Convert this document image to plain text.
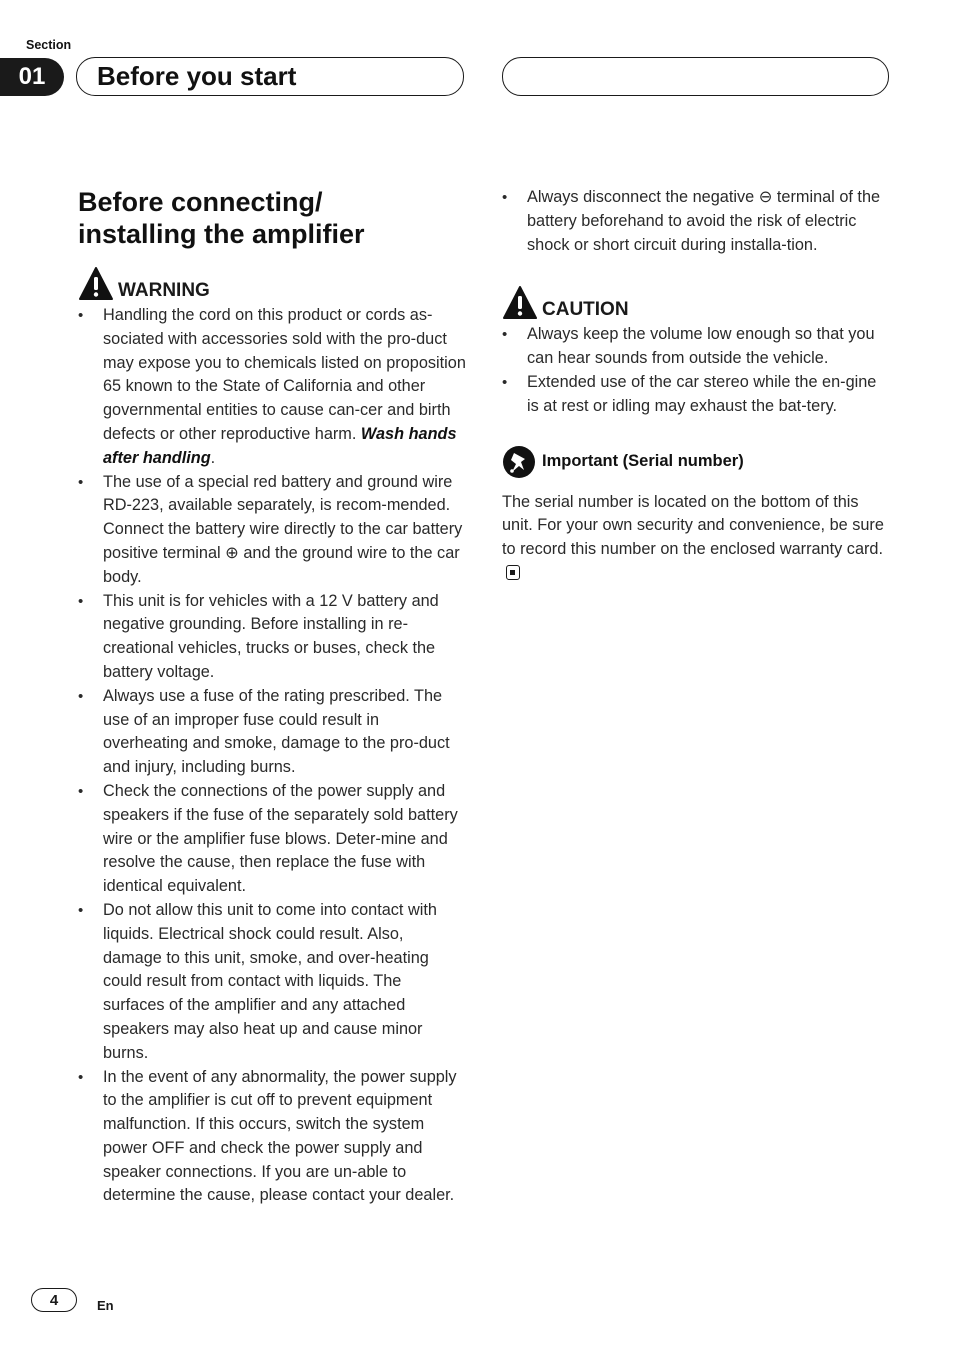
Section
01	Before you start
Before connecting/
installing the amplifier
WARNING
• Handling the cord on this product or cords as-sociated with accessories sold with the pro-duct may expose you to chemicals listed on proposition 65 known to the State of California and other governmental entities to cause can-cer and birth defects or other reproductive harm. Wash hands after handling.
• The use of a special red battery and ground wire RD-223, available separately, is recom-mended. Connect the battery wire directly to the car battery positive terminal ⊕ and the ground wire to the car body.
• This unit is for vehicles with a 12 V battery and negative grounding. Before installing in re-creational vehicles, trucks or buses, check the battery voltage.
• Always use a fuse of the rating prescribed. The use of an improper fuse could result in overheating and smoke, damage to the pro-duct and injury, including burns.
• Check the connections of the power supply and speakers if the fuse of the separately sold battery wire or the amplifier fuse blows. Deter-mine and resolve the cause, then replace the fuse with identical equivalent.
• Do not allow this unit to come into contact with liquids. Electrical shock could result. Also, damage to this unit, smoke, and over-heating could result from contact with liquids. The surfaces of the amplifier and any attached speakers may also heat up and cause minor burns.
• In the event of any abnormality, the power supply to the amplifier is cut off to prevent equipment malfunction. If this occurs, switch the system power OFF and check the power supply and speaker connections. If you are un-able to determine the cause, please contact your dealer.
• Always disconnect the negative ⊖ terminal of the battery beforehand to avoid the risk of electric shock or short circuit during installa-tion.
CAUTION
• Always keep the volume low enough so that you can hear sounds from outside the vehicle.
• Extended use of the car stereo while the en-gine is at rest or idling may exhaust the bat-tery.
Important (Serial number)
The serial number is located on the bottom of this unit. For your own security and convenience, be sure to record this number on the enclosed warranty card.
4	En
